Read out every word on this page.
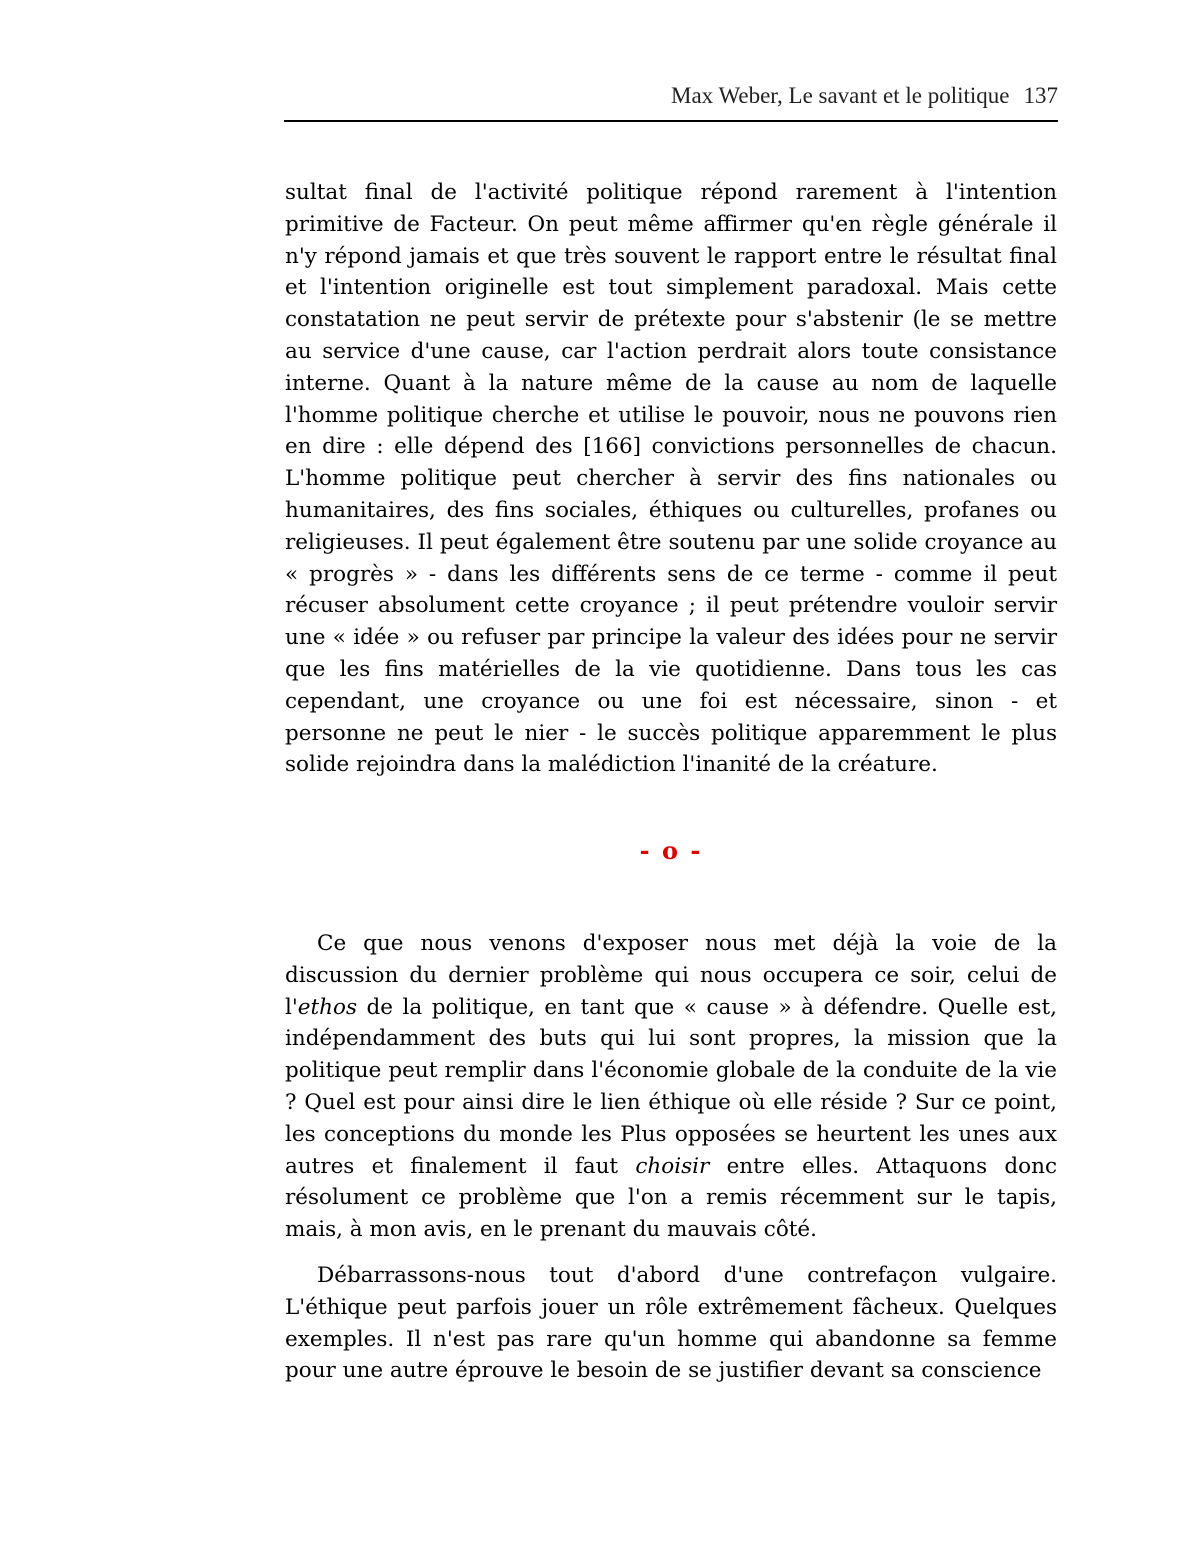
Max Weber, Le savant et le politique 137

sultat final de l'activité politique répond rarement à l'intention primitive de Facteur. On peut même affirmer qu'en règle générale il n'y répond jamais et que très souvent le rapport entre le résultat final et l'intention originelle est tout simplement paradoxal. Mais cette constatation ne peut servir de prétexte pour s'abstenir (le se mettre au service d'une cause, car l'action perdrait alors toute consistance interne. Quant à la nature même de la cause au nom de laquelle l'homme politique cherche et utilise le pouvoir, nous ne pouvons rien en dire : elle dépend des [166] convictions personnelles de chacun. L'homme politique peut chercher à servir des fins nationales ou humanitaires, des fins sociales, éthiques ou culturelles, profanes ou religieuses. Il peut également être soutenu par une solide croyance au « progrès » - dans les différents sens de ce terme - comme il peut récuser absolument cette croyance ; il peut prétendre vouloir servir une « idée » ou refuser par principe la valeur des idées pour ne servir que les fins matérielles de la vie quotidienne. Dans tous les cas cependant, une croyance ou une foi est nécessaire, sinon - et personne ne peut le nier - le succès politique apparemment le plus solide rejoindra dans la malédiction l'inanité de la créature.

- o -

Ce que nous venons d'exposer nous met déjà la voie de la discussion du dernier problème qui nous occupera ce soir, celui de l'ethos de la politique, en tant que « cause » à défendre. Quelle est, indépendamment des buts qui lui sont propres, la mission que la politique peut remplir dans l'économie globale de la conduite de la vie ? Quel est pour ainsi dire le lien éthique où elle réside ? Sur ce point, les conceptions du monde les Plus opposées se heurtent les unes aux autres et finalement il faut choisir entre elles. Attaquons donc résolument ce problème que l'on a remis récemment sur le tapis, mais, à mon avis, en le prenant du mauvais côté.

Débarrassons-nous tout d'abord d'une contrefaçon vulgaire. L'éthique peut parfois jouer un rôle extrêmement fâcheux. Quelques exemples. Il n'est pas rare qu'un homme qui abandonne sa femme pour une autre éprouve le besoin de se justifier devant sa conscience
